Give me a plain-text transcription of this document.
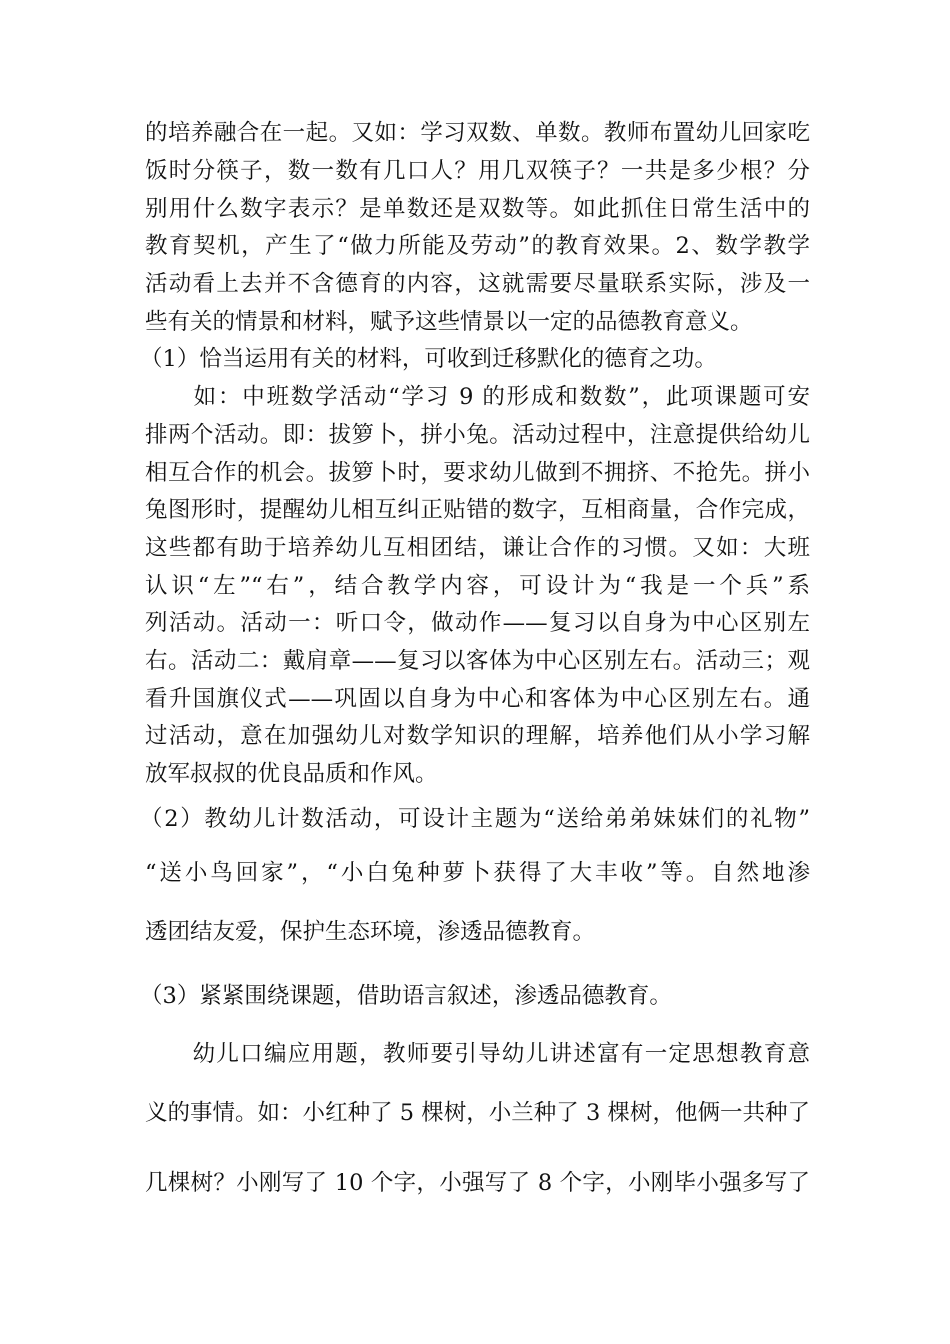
的培养融合在一起。又如：学习双数、单数。教师布置幼儿回家吃
饭时分筷子，数一数有几口人？用几双筷子？一共是多少根？分
别用什么数字表示？是单数还是双数等。如此抓住日常生活中的
教育契机，产生了“做力所能及劳动”的教育效果。2、数学教学
活动看上去并不含德育的内容，这就需要尽量联系实际，涉及一
些有关的情景和材料，赋予这些情景以一定的品德教育意义。
（1）恰当运用有关的材料，可收到迁移默化的德育之功。
　　如：中班数学活动“学习 9 的形成和数数”，此项课题可安
排两个活动。即：拔箩卜，拼小兔。活动过程中，注意提供给幼儿
相互合作的机会。拔箩卜时，要求幼儿做到不拥挤、不抢先。拼小
兔图形时，提醒幼儿相互纠正贴错的数字，互相商量，合作完成，
这些都有助于培养幼儿互相团结，谦让合作的习惯。又如：大班
认识“左”“右”，结合教学内容，可设计为“我是一个兵”系
列活动。活动一：听口令，做动作——复习以自身为中心区别左
右。活动二：戴肩章——复习以客体为中心区别左右。活动三；观
看升国旗仪式——巩固以自身为中心和客体为中心区别左右。通
过活动，意在加强幼儿对数学知识的理解，培养他们从小学习解
放军叔叔的优良品质和作风。
（2）教幼儿计数活动，可设计主题为“送给弟弟妹妹们的礼物”
“送小鸟回家”，“小白兔种萝卜获得了大丰收”等。自然地渗
透团结友爱，保护生态环境，渗透品德教育。
（3）紧紧围绕课题，借助语言叙述，渗透品德教育。
　　幼儿口编应用题，教师要引导幼儿讲述富有一定思想教育意
义的事情。如：小红种了 5 棵树，小兰种了 3 棵树，他俩一共种了
几棵树？小刚写了 10 个字，小强写了 8 个字，小刚毕小强多写了
